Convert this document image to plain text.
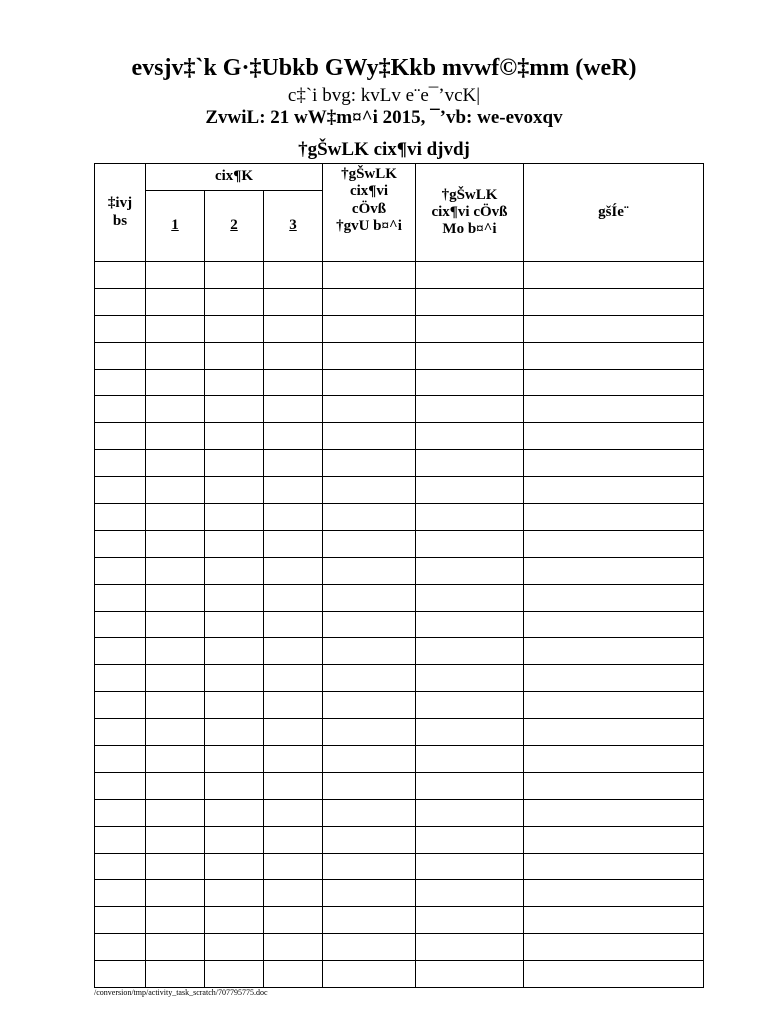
evsjv‡`k G·‡Ubkb GWy‡Kkb mvwf©‡mm (weR)
c‡`i bvg: kvLv e¨e¯’vcK|
ZvwiL: 21 wW‡m¤^i 2015, ¯’vb: we-evoxqv
†gŠwLK cix¶vi djvdj
‡ivj bs	cix¶K			†gŠwLK cix¶vi cÖvß †gvU b¤^i	†gŠwLK cix¶vi cÖvß Mo b¤^i	gšÍe¨
	1	2	3			

/conversion/tmp/activity_task_scratch/707795775.doc
